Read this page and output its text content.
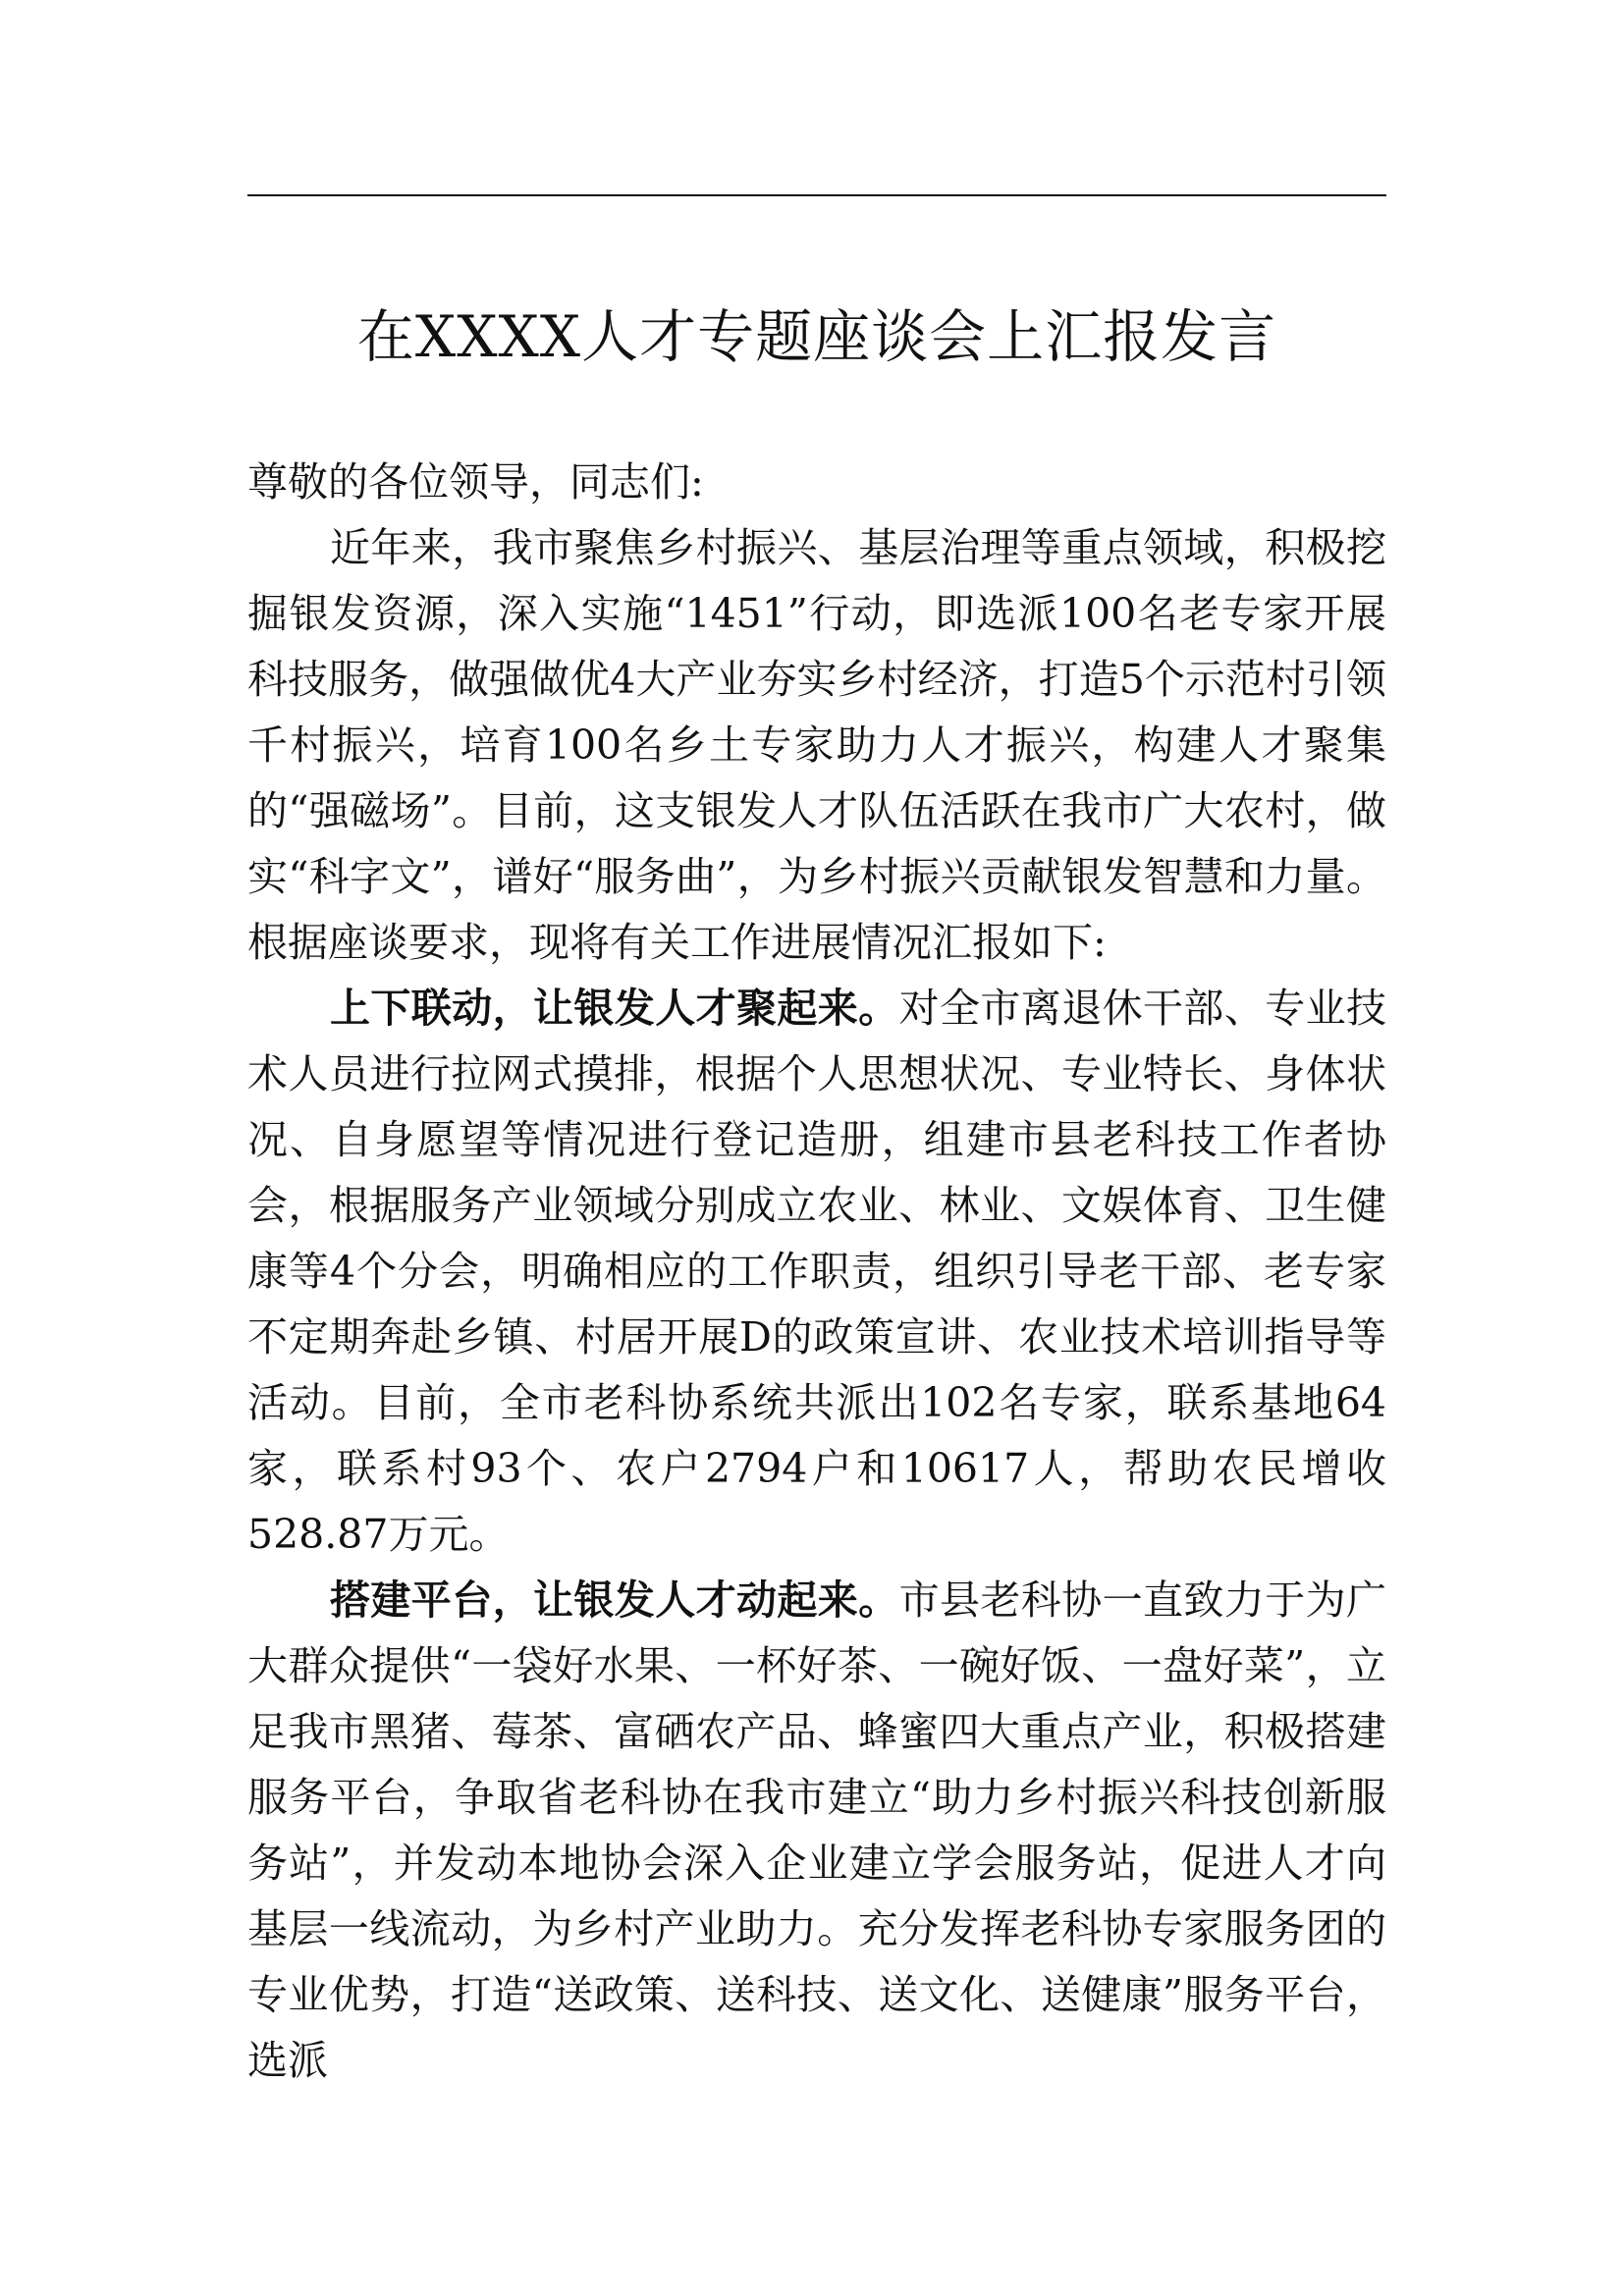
在XXXX人才专题座谈会上汇报发言

尊敬的各位领导，同志们:

近年来，我市聚焦乡村振兴、基层治理等重点领域，积极挖掘银发资源，深入实施“1451”行动，即选派100名老专家开展科技服务，做强做优4大产业夯实乡村经济，打造5个示范村引领千村振兴，培育100名乡土专家助力人才振兴，构建人才聚集的“强磁场”。目前，这支银发人才队伍活跃在我市广大农村，做实“科字文”，谱好“服务曲”，为乡村振兴贡献银发智慧和力量。根据座谈要求，现将有关工作进展情况汇报如下:

上下联动，让银发人才聚起来。对全市离退休干部、专业技术人员进行拉网式摸排，根据个人思想状况、专业特长、身体状况、自身愿望等情况进行登记造册，组建市县老科技工作者协会，根据服务产业领域分别成立农业、林业、文娱体育、卫生健康等4个分会，明确相应的工作职责，组织引导老干部、老专家不定期奔赴乡镇、村居开展D的政策宣讲、农业技术培训指导等活动。目前，全市老科协系统共派出102名专家，联系基地64家，联系村93个、农户2794户和10617人，帮助农民增收528.87万元。

搭建平台，让银发人才动起来。市县老科协一直致力于为广大群众提供“一袋好水果、一杯好茶、一碗好饭、一盘好菜”，立足我市黑猪、莓茶、富硒农产品、蜂蜜四大重点产业，积极搭建服务平台，争取省老科协在我市建立“助力乡村振兴科技创新服务站”，并发动本地协会深入企业建立学会服务站，促进人才向基层一线流动，为乡村产业助力。充分发挥老科协专家服务团的专业优势，打造“送政策、送科技、送文化、送健康”服务平台，选派
